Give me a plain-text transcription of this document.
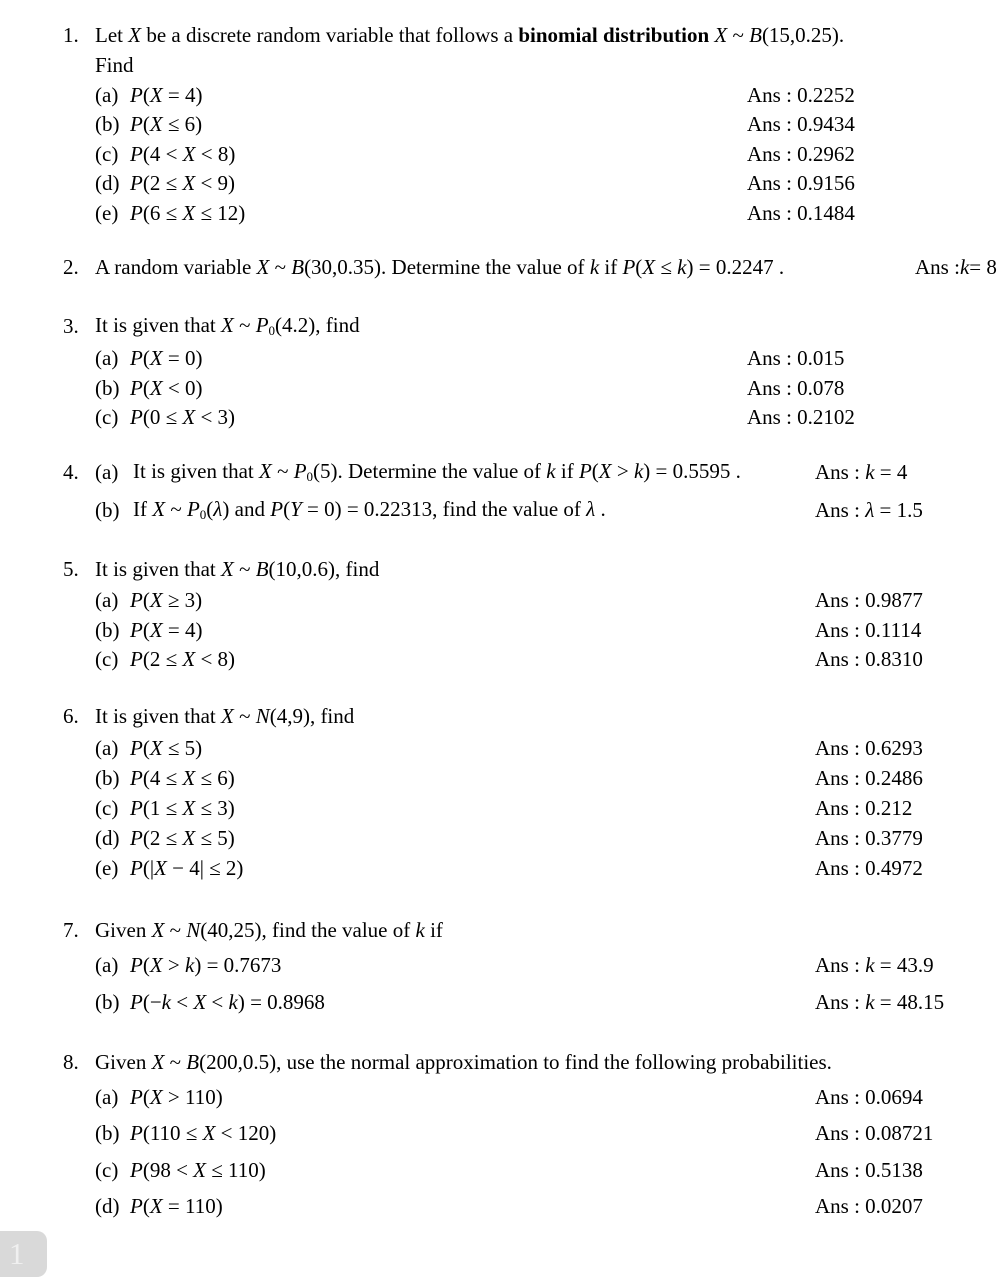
1. Let X be a discrete random variable that follows a binomial distribution X ~ B(15,0.25).
Find
(a) P(X = 4)	Ans : 0.2252
(b) P(X ≤ 6)	Ans : 0.9434
(c) P(4 < X < 8)	Ans : 0.2962
(d) P(2 ≤ X < 9)	Ans : 0.9156
(e) P(6 ≤ X ≤ 12)	Ans : 0.1484
2. A random variable X ~ B(30,0.35). Determine the value of k if P(X ≤ k) = 0.2247 .	Ans : k = 8
3. It is given that X ~ P0(4.2), find
(a) P(X = 0)	Ans : 0.015
(b) P(X < 0)	Ans : 0.078
(c) P(0 ≤ X < 3)	Ans : 0.2102
4. (a) It is given that X ~ P0(5). Determine the value of k if P(X > k) = 0.5595 .	Ans : k = 4
(b) If X ~ P0(λ) and P(Y = 0) = 0.22313, find the value of λ .	Ans : λ = 1.5
5. It is given that X ~ B(10,0.6), find
(a) P(X ≥ 3)	Ans : 0.9877
(b) P(X = 4)	Ans : 0.1114
(c) P(2 ≤ X < 8)	Ans : 0.8310
6. It is given that X ~ N(4,9), find
(a) P(X ≤ 5)	Ans : 0.6293
(b) P(4 ≤ X ≤ 6)	Ans : 0.2486
(c) P(1 ≤ X ≤ 3)	Ans : 0.212
(d) P(2 ≤ X ≤ 5)	Ans : 0.3779
(e) P(|X − 4| ≤ 2)	Ans : 0.4972
7. Given X ~ N(40,25), find the value of k if
(a) P(X > k) = 0.7673	Ans : k = 43.9
(b) P(−k < X < k) = 0.8968	Ans : k = 48.15
8. Given X ~ B(200,0.5), use the normal approximation to find the following probabilities.
(a) P(X > 110)	Ans : 0.0694
(b) P(110 ≤ X < 120)	Ans : 0.08721
(c) P(98 < X ≤ 110)	Ans : 0.5138
(d) P(X = 110)	Ans : 0.0207
1
